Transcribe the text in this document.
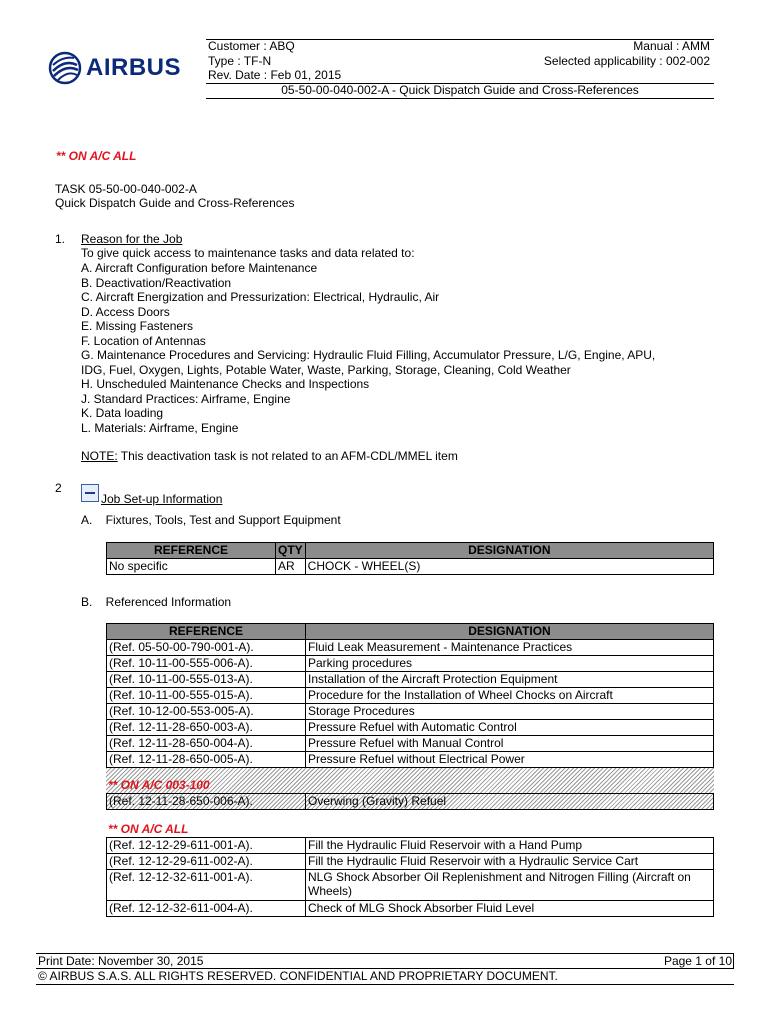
AIRBUS
Customer : ABQ	Manual : AMM
Type : TF-N	Selected applicability : 002-002
Rev. Date : Feb 01, 2015
05-50-00-040-002-A - Quick Dispatch Guide and Cross-References
** ON A/C ALL
TASK 05-50-00-040-002-A
Quick Dispatch Guide and Cross-References
1. Reason for the Job
To give quick access to maintenance tasks and data related to:
A. Aircraft Configuration before Maintenance
B. Deactivation/Reactivation
C. Aircraft Energization and Pressurization: Electrical, Hydraulic, Air
D. Access Doors
E. Missing Fasteners
F. Location of Antennas
G. Maintenance Procedures and Servicing: Hydraulic Fluid Filling, Accumulator Pressure, L/G, Engine, APU,
IDG, Fuel, Oxygen, Lights, Potable Water, Waste, Parking, Storage, Cleaning, Cold Weather
H. Unscheduled Maintenance Checks and Inspections
J. Standard Practices: Airframe, Engine
K. Data loading
L. Materials: Airframe, Engine
NOTE: This deactivation task is not related to an AFM-CDL/MMEL item
2
Job Set-up Information
A.    Fixtures, Tools, Test and Support Equipment
REFERENCE	QTY	DESIGNATION
No specific	AR	CHOCK - WHEEL(S)
B.    Referenced Information
REFERENCE	DESIGNATION
(Ref. 05-50-00-790-001-A).	Fluid Leak Measurement - Maintenance Practices
(Ref. 10-11-00-555-006-A).	Parking procedures
(Ref. 10-11-00-555-013-A).	Installation of the Aircraft Protection Equipment
(Ref. 10-11-00-555-015-A).	Procedure for the Installation of Wheel Chocks on Aircraft
(Ref. 10-12-00-553-005-A).	Storage Procedures
(Ref. 12-11-28-650-003-A).	Pressure Refuel with Automatic Control
(Ref. 12-11-28-650-004-A).	Pressure Refuel with Manual Control
(Ref. 12-11-28-650-005-A).	Pressure Refuel without Electrical Power
** ON A/C 003-100
(Ref. 12-11-28-650-006-A).	Overwing (Gravity) Refuel
** ON A/C ALL
(Ref. 12-12-29-611-001-A).	Fill the Hydraulic Fluid Reservoir with a Hand Pump
(Ref. 12-12-29-611-002-A).	Fill the Hydraulic Fluid Reservoir with a Hydraulic Service Cart
(Ref. 12-12-32-611-001-A).	NLG Shock Absorber Oil Replenishment and Nitrogen Filling (Aircraft on Wheels)
(Ref. 12-12-32-611-004-A).	Check of MLG Shock Absorber Fluid Level
Print Date: November 30, 2015	Page 1 of 10
© AIRBUS S.A.S. ALL RIGHTS RESERVED. CONFIDENTIAL AND PROPRIETARY DOCUMENT.
